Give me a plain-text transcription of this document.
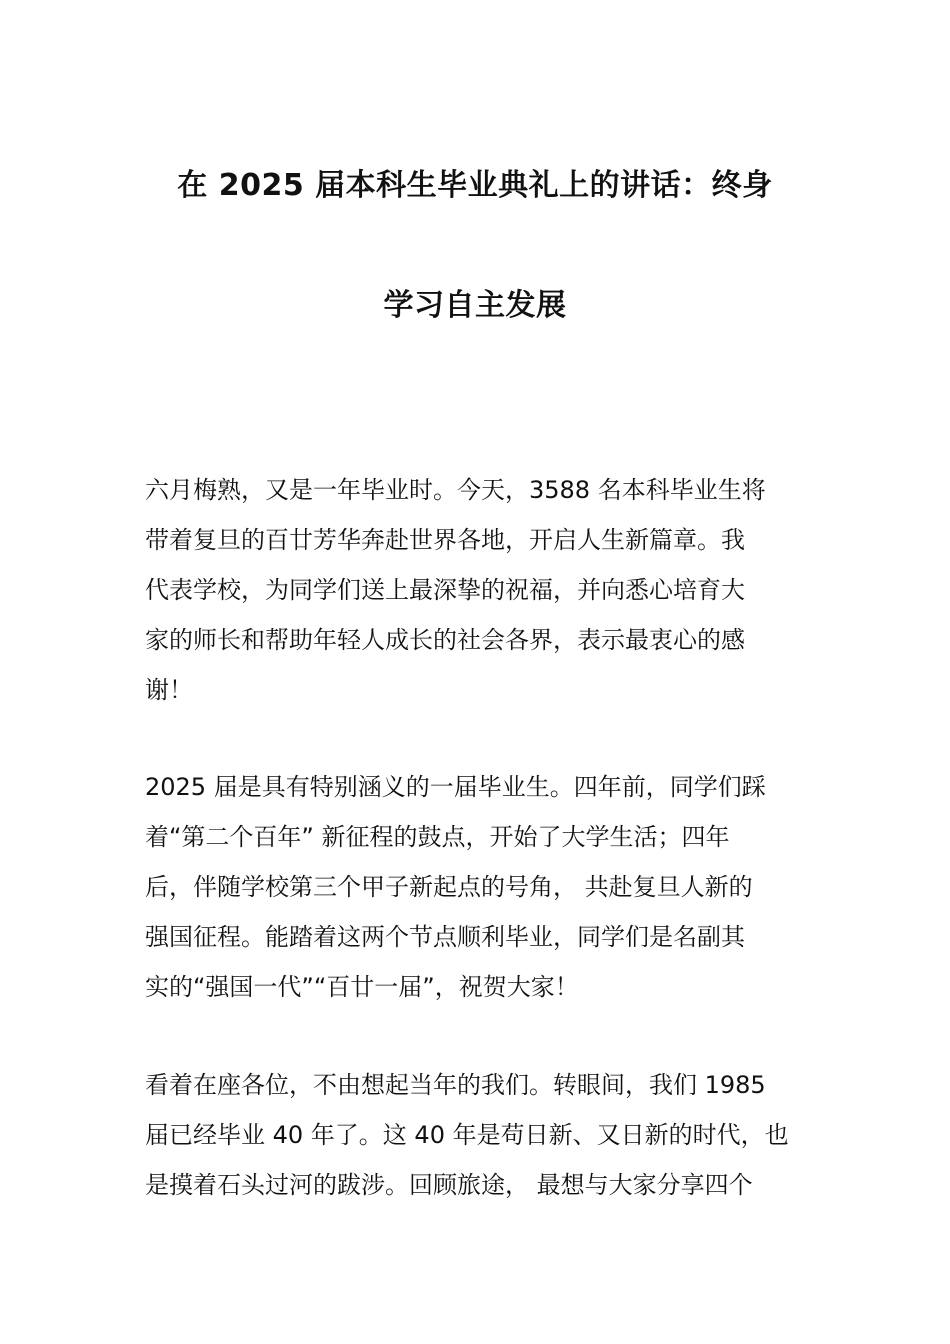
在 2025 届本科生毕业典礼上的讲话：终身
学习自主发展
六月梅熟，又是一年毕业时。今天，3588 名本科毕业生将
带着复旦的百廿芳华奔赴世界各地，开启人生新篇章。我
代表学校，为同学们送上最深挚的祝福，并向悉心培育大
家的师长和帮助年轻人成长的社会各界，表示最衷心的感
谢！
2025 届是具有特别涵义的一届毕业生。四年前，同学们踩
着“第二个百年” 新征程的鼓点，开始了大学生活；四年
后，伴随学校第三个甲子新起点的号角， 共赴复旦人新的
强国征程。能踏着这两个节点顺利毕业，同学们是名副其
实的“强国一代”“百廿一届”，祝贺大家！
看着在座各位，不由想起当年的我们。转眼间，我们 1985
届已经毕业 40 年了。这 40 年是苟日新、又日新的时代，也
是摸着石头过河的跋涉。回顾旅途， 最想与大家分享四个
